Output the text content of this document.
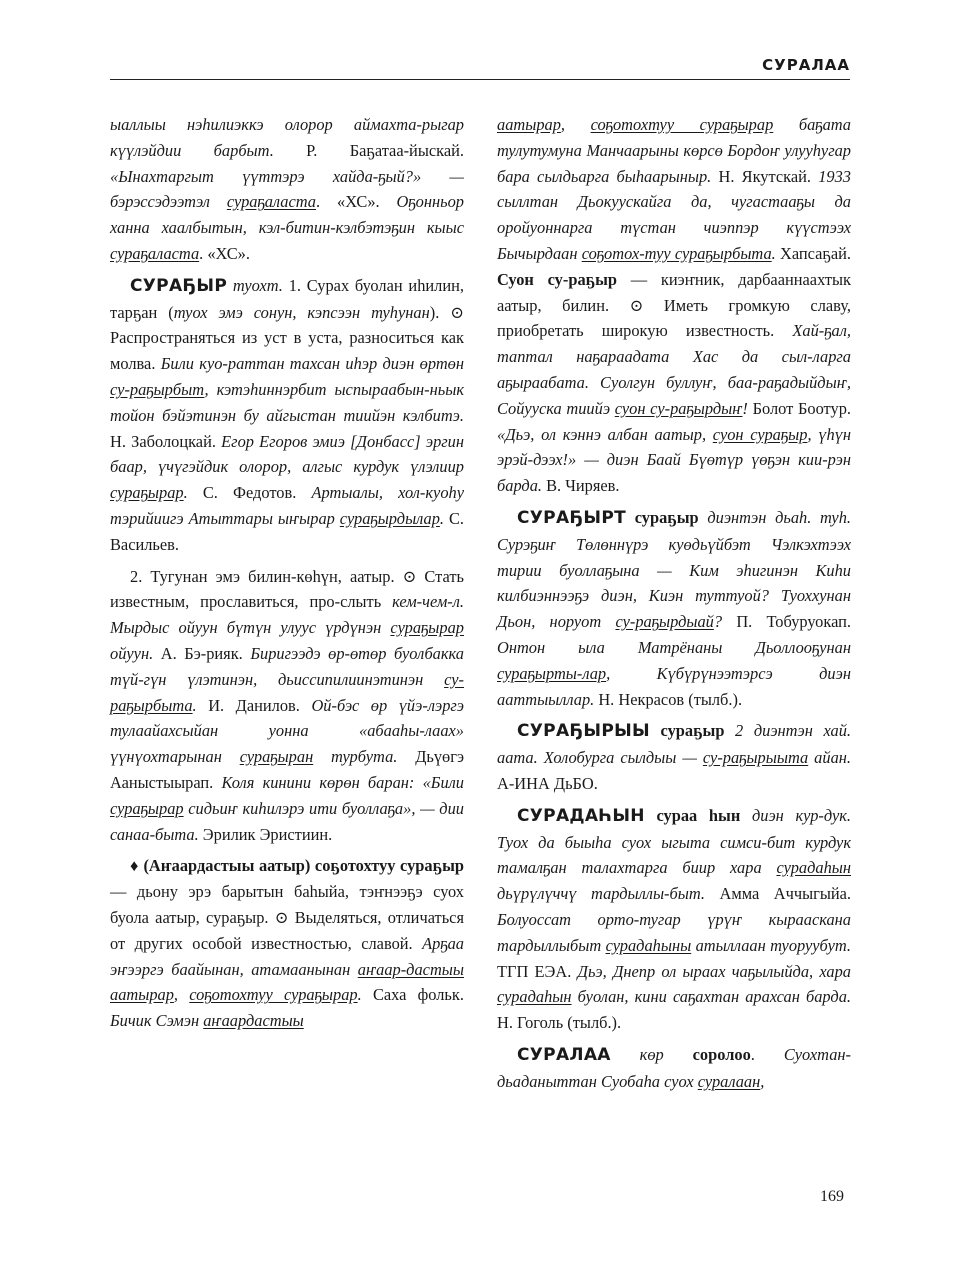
СУРАЛАА

ыаллыы нэһилиэккэ олорор аймахта-рыгар күүлэйдии барбыт. Р. Баҕатаа-йыскай. «Ынахтаргыт үүттэрэ хайда-ҕый?» — бэрэссэдээтэл сураҕаласта. «ХС». Оҕонньор ханна хаалбытын, кэл-битин-кэлбэтэҕин кыыс сураҕаласта. «ХС».

СУРАҔЫР туохт. 1. Сурах буолан иһилин, тарҕан (туох эмэ сонун, кэпсээн туһунан). ⊙ Распространяться из уст в уста, разноситься как молва. Били куо-раттан тахсан иһэр диэн өртөн су-раҕырбыт, кэтэһиннэрбит ыспыраабын-ньык тойон бэйэтинэн бу айгыстан тиийэн кэлбитэ. Н. Заболоцкай. Егор Егоров эмиэ [Донбасс] эргин баар, үчүгэйдик олорор, алгыс курдук үлэлиир сураҕырар. С. Федотов. Артыалы, хол-куоһу тэрийиигэ Атыттары ыҥырар сураҕырдылар. С. Васильев.

2. Тугунан эмэ билин-көһүн, аатыр. ⊙ Стать известным, прославиться, про-слыть кем-чем-л. Мырдыс ойуун бүтүн улуус үрдүнэн сураҕырар ойуун. А. Бэ-рияк. Биригээдэ өр-өтөр буолбакка түй-гүн үлэтинэн, дьиссипилиинэтинэн су-раҕырбыта. И. Данилов. Ой-бэс өр үйэ-лэргэ тулаайахсыйан уонна «абааһы-лаах» үүнүохтарынан сураҕыран турбута. Дьүөгэ Ааныстыырап. Коля кинини көрөн баран: «Били сураҕырар сидьиҥ киһилэрэ ити буоллаҕа», — дии санаа-быта. Эрилик Эристиин.

♦ (Аҥаардастыы аатыр) соҕотохтуу сураҕыр — дьону эрэ барытын баһыйа, тэҥнээҕэ суох буола аатыр, сураҕыр. ⊙ Выделяться, отличаться от других особой известностью, славой. Арҕаа эҥээргэ баайынан, атамаанынан аҥаар-дастыы аатырар, соҕотохтуу сураҕырар. Саха фольк. Бичик Сэмэн аҥаардастыы

аатырар, соҕотохтуу сураҕырар баҕата тулутумуна Манчаарыны көрсө Бордоҥ улууһугар бара сылдьарга быһаарыныр. Н. Якутскай. 1933 сыллтан Дьокуускайга да, чугастааҕы да оройуоннарга түстан чиэппэр күүстээх Бычырдаан соҕотох-туу сураҕырбыта. Хапсаҕай. Суон су-раҕыр — киэҥник, дарбааннаахтык аатыр, билин. ⊙ Иметь громкую славу, приобретать широкую известность. Хай-ҕал, таптал наҕараадата Хас да сыл-ларга аҕыраабата. Суолгун буллуҥ, баа-раҕадыйдыҥ, Сойууска тиийэ суон су-раҕырдыҥ! Болот Боотур. «Дьэ, ол кэннэ албан аатыр, суон сураҕыр, үһүн эрэй-дээх!» — диэн Баай Бүөтүр үөҕэн кии-рэн барда. В. Чиряев.

СУРАҔЫРТ сураҕыр диэнтэн дьаһ. туһ. Сурэҕиҥ Төлөннүрэ куөдьүйбэт Чэлкэхтээх тирии буоллаҕына — Ким эһигинэн Киһи килбиэннээҕэ диэн, Киэн туттуой? Туоххунан Дьон, норуот су-раҕырдыай? П. Тобуруокап. Онтон ыла Матрёнаны Дьоллооҕунан сураҕырты-лар, Күбүрүнээтэрсэ диэн ааттыыллар. Н. Некрасов (тылб.).

СУРАҔЫРЫЫ сураҕыр 2 диэнтэн хай. аата. Холобурга сылдыы — су-раҕырыыта айан. А-ИНА ДьБО.

СУРАДАҺЫН сураа һын диэн кур-дук. Туох да быыһа суох ыгыта симси-бит курдук тамалҕан талахтарга биир хара сурадаһын дьүрүлүччү тардыллы-быт. Амма Аччыгыйа. Болуоссат орто-тугар үрүҥ кырааскана тардыллыбыт сурадаһыны атыллаан туоруубут. ТГП ЕЭА. Дьэ, Днепр ол ыраах чаҕылыйда, хара сурадаһын буолан, кини саҕахтан арахсан барда. Н. Гоголь (тылб.).

СУРАЛАА көр соролоо. Суохтан-дьаданыттан Суобаһа суох суралаан,

169
